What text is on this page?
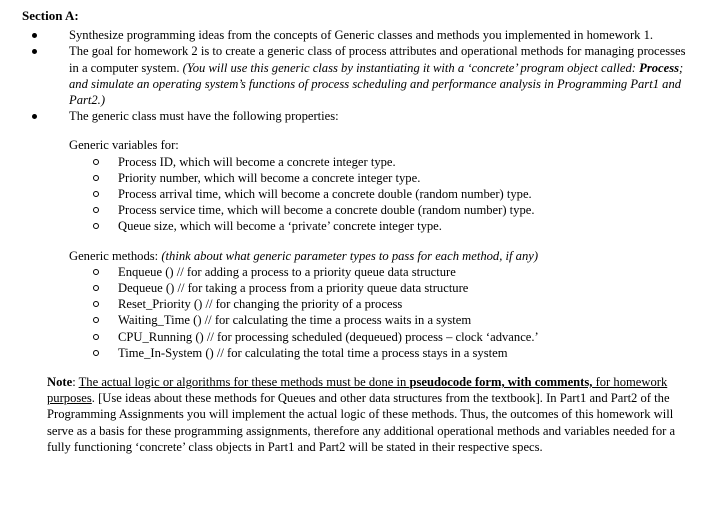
Section A:
Synthesize programming ideas from the concepts of Generic classes and methods you implemented in homework 1.
The goal for homework 2 is to create a generic class of process attributes and operational methods for managing processes in a computer system. (You will use this generic class by instantiating it with a ‘concrete’ program object called: Process; and simulate an operating system’s functions of process scheduling and performance analysis in Programming Part1 and Part2.)
The generic class must have the following properties:
Generic variables for:
Process ID, which will become a concrete integer type.
Priority number, which will become a concrete integer type.
Process arrival time, which will become a concrete double (random number) type.
Process service time, which will become a concrete double (random number) type.
Queue size, which will become a ‘private’ concrete integer type.
Generic methods: (think about what generic parameter types to pass for each method, if any)
Enqueue () // for adding a process to a priority queue data structure
Dequeue () // for taking a process from a priority queue data structure
Reset_Priority () // for changing the priority of a process
Waiting_Time () // for calculating the time a process waits in a system
CPU_Running () // for processing scheduled (dequeued) process – clock ‘advance.’
Time_In-System () // for calculating the total time a process stays in a system
Note: The actual logic or algorithms for these methods must be done in pseudocode form, with comments, for homework purposes. [Use ideas about these methods for Queues and other data structures from the textbook]. In Part1 and Part2 of the Programming Assignments you will implement the actual logic of these methods. Thus, the outcomes of this homework will serve as a basis for these programming assignments, therefore any additional operational methods and variables needed for a fully functioning ‘concrete’ class objects in Part1 and Part2 will be stated in their respective specs.
